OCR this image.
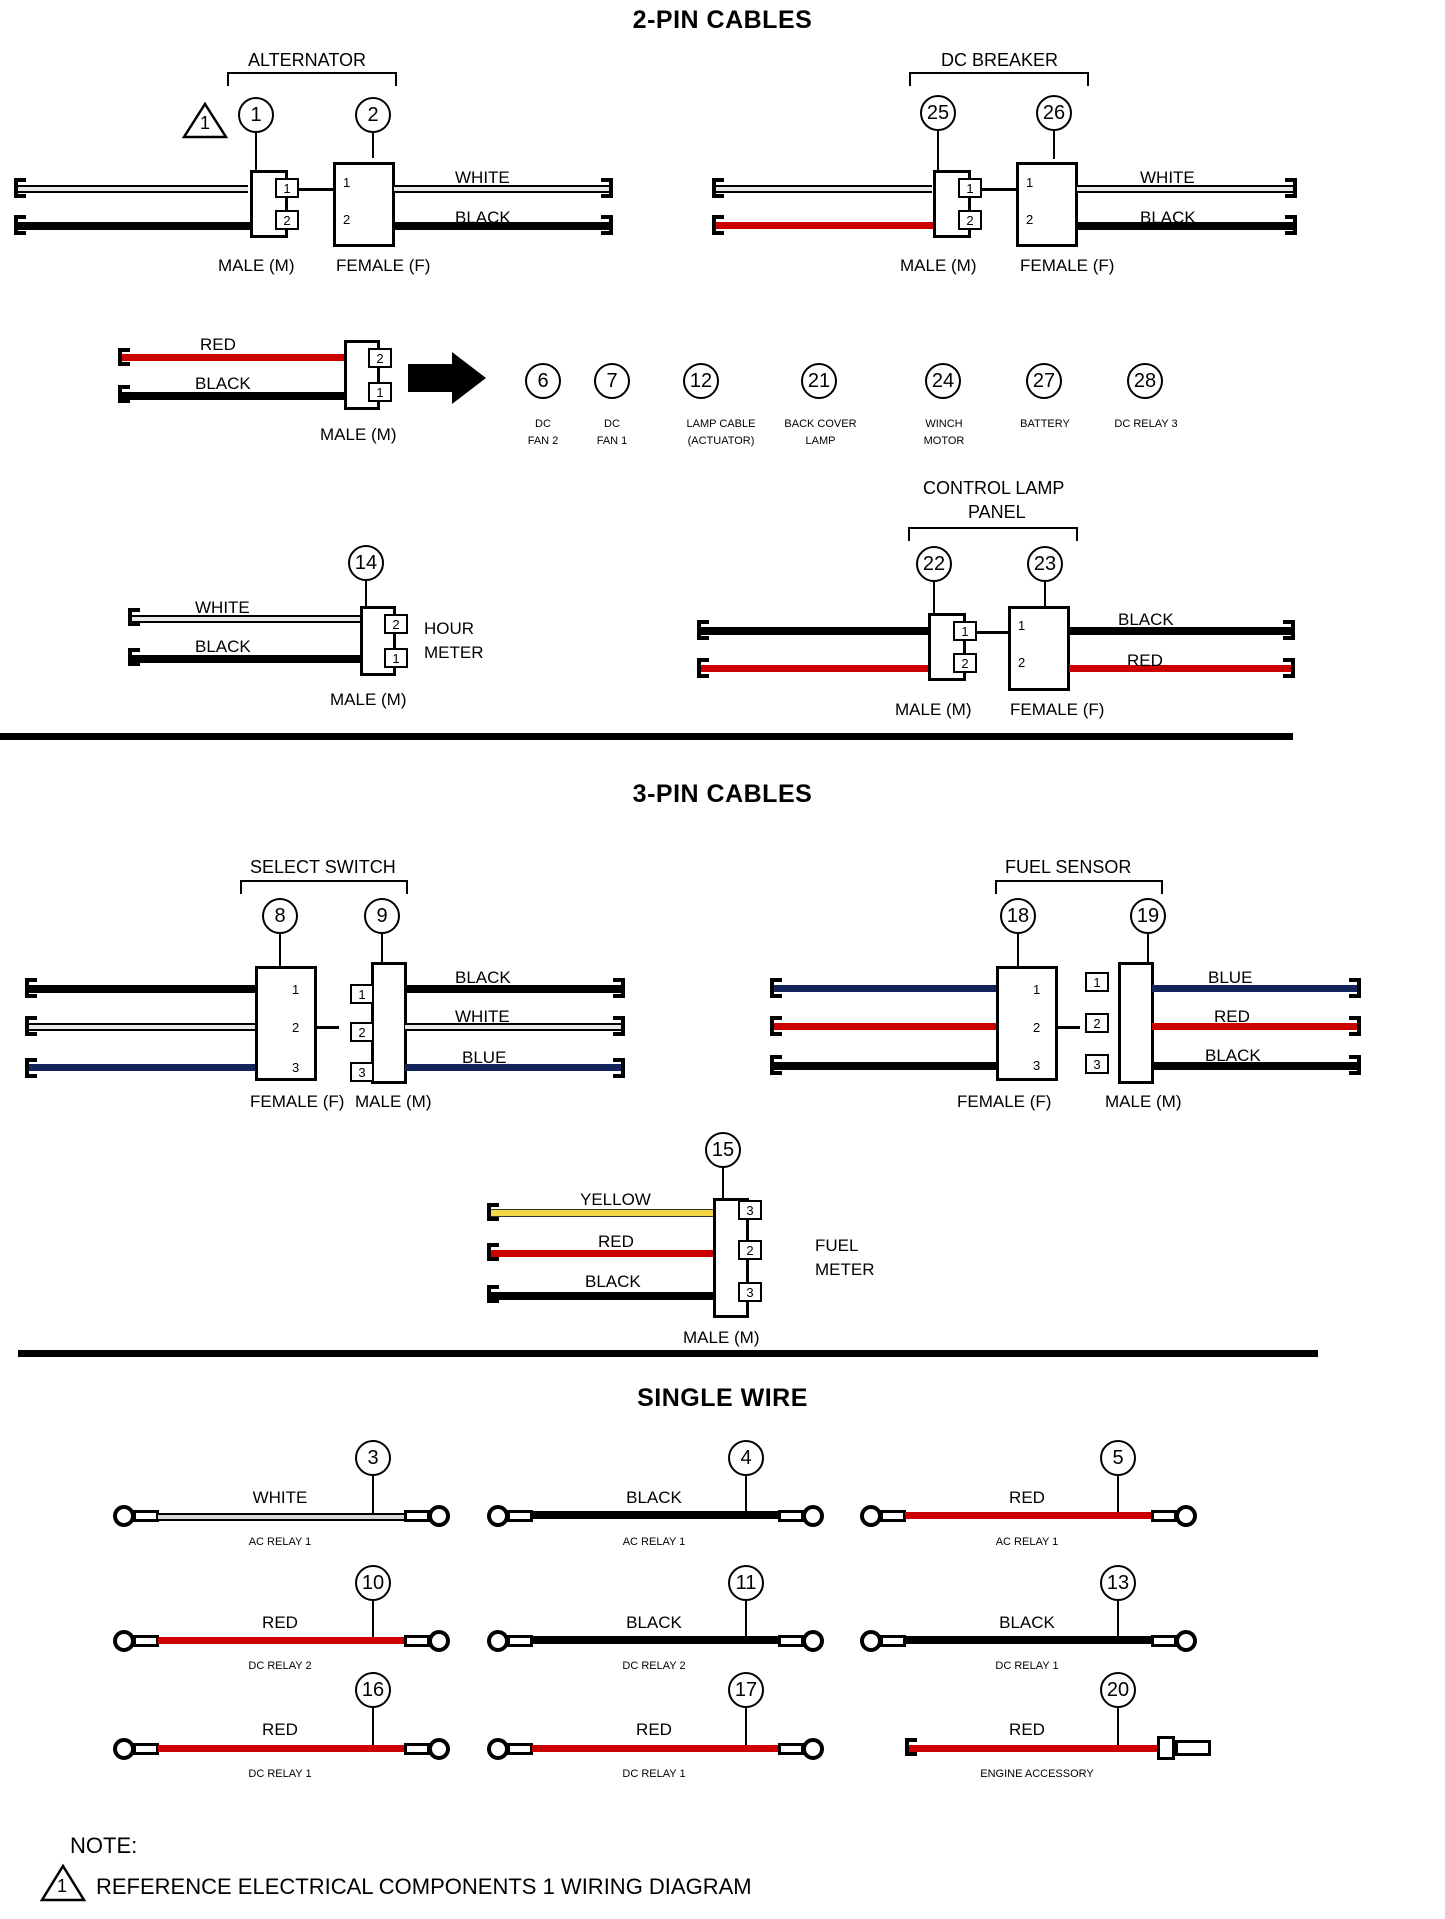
2-PIN CABLES
ALTERNATOR
1	1	2
1
2
1
2
WHITE
BLACK
MALE (M) FEMALE (F)
DC BREAKER
25	26
1
2
1
2
WHITE
BLACK
MALE (M)	FEMALE (F)
RED
BLACK
2
1
MALE (M)
6
DC
FAN 2
7
DC
FAN 1
12
LAMP CABLE
(ACTUATOR)
21
BACK COVER
LAMP
24
WINCH
MOTOR
27
BATTERY
28
DC RELAY 3
14
WHITE
BLACK
2
1
HOUR
METER
MALE (M)
CONTROL LAMP
PANEL
22	23
1
2
1
2
BLACK
RED
MALE (M) FEMALE (F)
3-PIN CABLES
SELECT SWITCH
8	9
1
2
3
1
2
3
BLACK
WHITE
BLUE
FEMALE (F) MALE (M)
FUEL SENSOR
18	19
1
2
3
1
2
3
BLUE
RED
BLACK
FEMALE (F)	MALE (M)
15
YELLOW
RED
BLACK
3
2
3
FUEL
METER
MALE (M)
SINGLE WIRE
3
WHITE
AC RELAY 1
4
BLACK
AC RELAY 1
5
RED
AC RELAY 1
10
RED
DC RELAY 2
11
BLACK
DC RELAY 2
13
BLACK
DC RELAY 1
16
RED
DC RELAY 1
17
RED
DC RELAY 1
20
RED
ENGINE ACCESSORY
NOTE:
1 REFERENCE ELECTRICAL COMPONENTS 1 WIRING DIAGRAM
